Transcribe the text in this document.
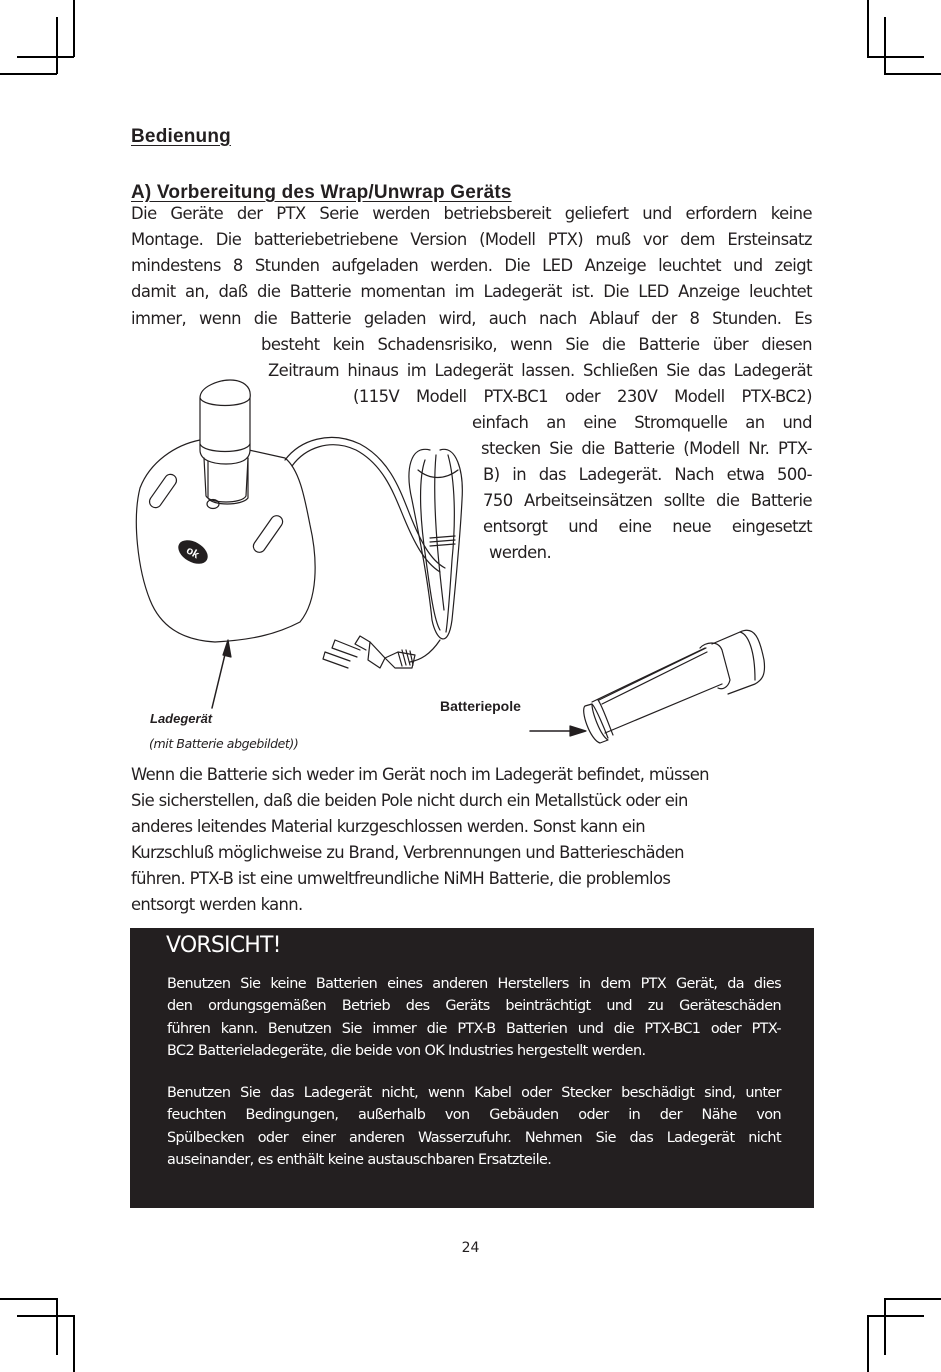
Bedienung
A) Vorbereitung des Wrap/Unwrap Geräts
Die Geräte der PTX Serie werden betriebsbereit geliefert und erfordern keine
Montage. Die batteriebetriebene Version (Modell PTX) muß vor dem Ersteinsatz
mindestens 8 Stunden aufgeladen werden. Die LED Anzeige leuchtet und zeigt
damit an, daß die Batterie momentan im Ladegerät ist. Die LED Anzeige leuchtet
immer, wenn die Batterie geladen wird, auch nach Ablauf der 8 Stunden. Es
besteht kein Schadensrisiko, wenn Sie die Batterie über diesen
Zeitraum hinaus im Ladegerät lassen. Schließen Sie das Ladegerät
(115V Modell PTX-BC1 oder 230V Modell PTX-BC2)
einfach an eine Stromquelle an und
stecken Sie die Batterie (Modell Nr. PTX-
B) in das Ladegerät. Nach etwa 500-
750 Arbeitseinsätzen sollte die Batterie
entsorgt und eine neue eingesetzt
werden.
ok
Ladegerät
(mit Batterie abgebildet))
Batteriepole
Wenn die Batterie sich weder im Gerät noch im Ladegerät befindet, müssen
Sie sicherstellen, daß die beiden Pole nicht durch ein Metallstück oder ein
anderes leitendes Material kurzgeschlossen werden. Sonst kann ein
Kurzschluß möglichweise zu Brand, Verbrennungen und Batterieschäden
führen. PTX-B ist eine umweltfreundliche NiMH Batterie, die problemlos
entsorgt werden kann.
VORSICHT!
Benutzen Sie keine Batterien eines anderen Herstellers in dem PTX Gerät, da dies
den ordungsgemäßen Betrieb des Geräts beinträchtigt und zu Geräteschäden
führen kann. Benutzen Sie immer die PTX-B Batterien und die PTX-BC1 oder PTX-
BC2 Batterieladegeräte, die beide von OK Industries hergestellt werden.
Benutzen Sie das Ladegerät nicht, wenn Kabel oder Stecker beschädigt sind, unter
feuchten Bedingungen, außerhalb von Gebäuden oder in der Nähe von
Spülbecken oder einer anderen Wasserzufuhr. Nehmen Sie das Ladegerät nicht
auseinander, es enthält keine austauschbaren Ersatzteile.
24
